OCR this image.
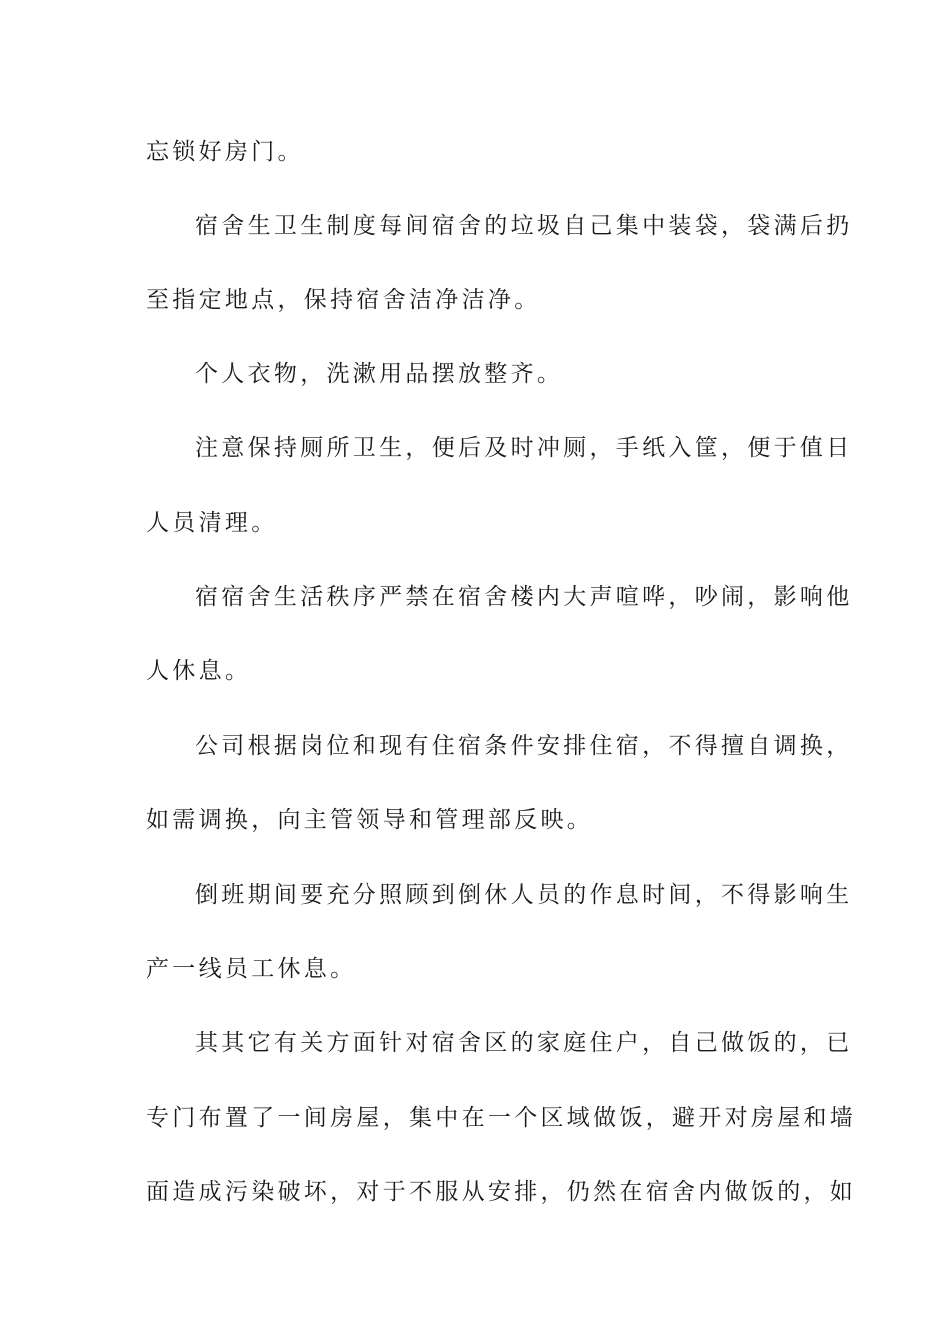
忘锁好房门。
宿舍生卫生制度每间宿舍的垃圾自己集中装袋，袋满后扔
至指定地点，保持宿舍洁净洁净。
个人衣物，洗漱用品摆放整齐。
注意保持厕所卫生，便后及时冲厕，手纸入筐，便于值日
人员清理。
宿宿舍生活秩序严禁在宿舍楼内大声喧哗，吵闹，影响他
人休息。
公司根据岗位和现有住宿条件安排住宿，不得擅自调换，
如需调换，向主管领导和管理部反映。
倒班期间要充分照顾到倒休人员的作息时间，不得影响生
产一线员工休息。
其其它有关方面针对宿舍区的家庭住户，自己做饭的，已
专门布置了一间房屋，集中在一个区域做饭，避开对房屋和墙
面造成污染破坏，对于不服从安排，仍然在宿舍内做饭的，如
